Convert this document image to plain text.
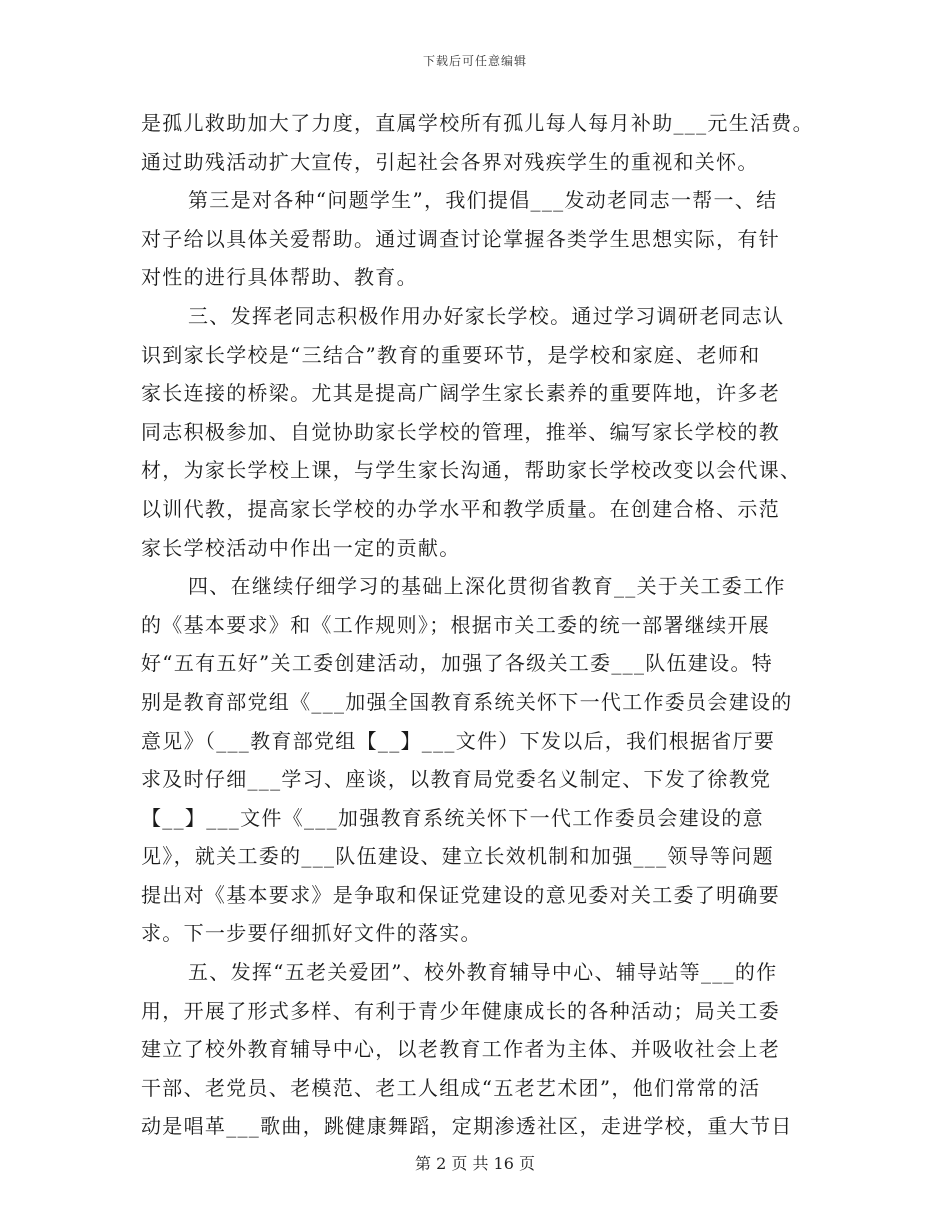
下载后可任意编辑
是孤儿救助加大了力度，直属学校所有孤儿每人每月补助___元生活费。
通过助残活动扩大宣传，引起社会各界对残疾学生的重视和关怀。
第三是对各种“问题学生”，我们提倡___发动老同志一帮一、结
对子给以具体关爱帮助。通过调查讨论掌握各类学生思想实际，有针
对性的进行具体帮助、教育。
三、发挥老同志积极作用办好家长学校。通过学习调研老同志认
识到家长学校是“三结合”教育的重要环节，是学校和家庭、老师和
家长连接的桥梁。尤其是提高广阔学生家长素养的重要阵地，许多老
同志积极参加、自觉协助家长学校的管理，推举、编写家长学校的教
材，为家长学校上课，与学生家长沟通，帮助家长学校改变以会代课、
以训代教，提高家长学校的办学水平和教学质量。在创建合格、示范
家长学校活动中作出一定的贡献。
四、在继续仔细学习的基础上深化贯彻省教育__关于关工委工作
的《基本要求》和《工作规则》；根据市关工委的统一部署继续开展
好“五有五好”关工委创建活动，加强了各级关工委___队伍建设。特
别是教育部党组《___加强全国教育系统关怀下一代工作委员会建设的
意见》（___教育部党组【__】___文件）下发以后，我们根据省厅要
求及时仔细___学习、座谈，以教育局党委名义制定、下发了徐教党
【__】___文件《___加强教育系统关怀下一代工作委员会建设的意
见》，就关工委的___队伍建设、建立长效机制和加强___领导等问题
提出对《基本要求》是争取和保证党建设的意见委对关工委了明确要
求。下一步要仔细抓好文件的落实。
五、发挥“五老关爱团”、校外教育辅导中心、辅导站等___的作
用，开展了形式多样、有利于青少年健康成长的各种活动；局关工委
建立了校外教育辅导中心，以老教育工作者为主体、并吸收社会上老
干部、老党员、老模范、老工人组成“五老艺术团”，他们常常的活
动是唱革___歌曲，跳健康舞蹈，定期渗透社区，走进学校，重大节日
第 2 页 共 16 页
